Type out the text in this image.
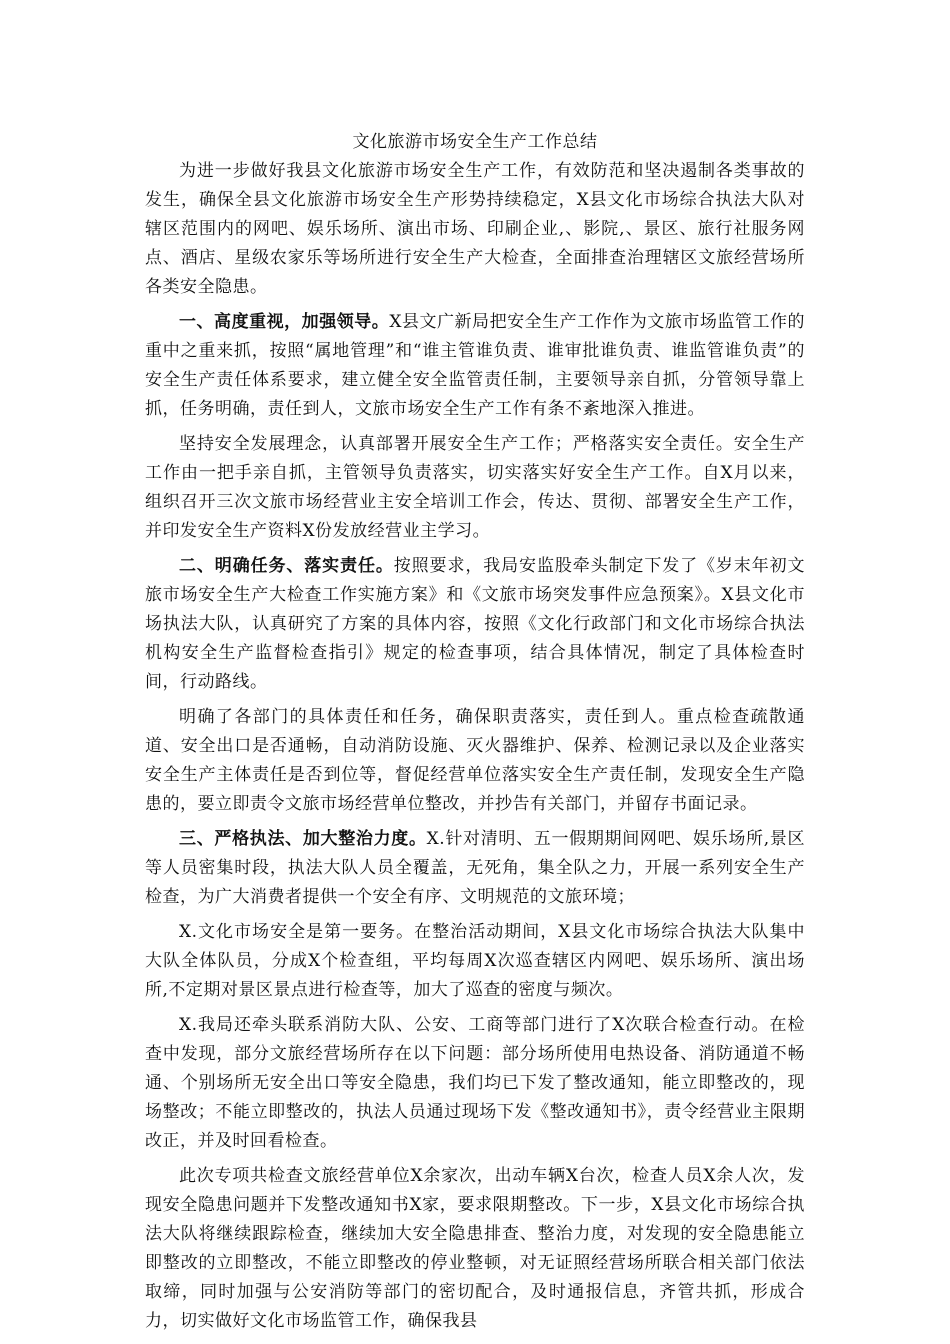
文化旅游市场安全生产工作总结

为进一步做好我县文化旅游市场安全生产工作，有效防范和坚决遏制各类事故的发生，确保全县文化旅游市场安全生产形势持续稳定，X县文化市场综合执法大队对辖区范围内的网吧、娱乐场所、演出市场、印刷企业,、影院,、景区、旅行社服务网点、酒店、星级农家乐等场所进行安全生产大检查，全面排查治理辖区文旅经营场所各类安全隐患。

一、高度重视，加强领导。X县文广新局把安全生产工作作为文旅市场监管工作的重中之重来抓，按照“属地管理”和“谁主管谁负责、谁审批谁负责、谁监管谁负责”的安全生产责任体系要求，建立健全安全监管责任制，主要领导亲自抓，分管领导靠上抓，任务明确，责任到人，文旅市场安全生产工作有条不紊地深入推进。

坚持安全发展理念，认真部署开展安全生产工作；严格落实安全责任。安全生产工作由一把手亲自抓，主管领导负责落实，切实落实好安全生产工作。自X月以来，组织召开三次文旅市场经营业主安全培训工作会，传达、贯彻、部署安全生产工作，并印发安全生产资料X份发放经营业主学习。

二、明确任务、落实责任。按照要求，我局安监股牵头制定下发了《岁末年初文旅市场安全生产大检查工作实施方案》和《文旅市场突发事件应急预案》。X县文化市场执法大队，认真研究了方案的具体内容，按照《文化行政部门和文化市场综合执法机构安全生产监督检查指引》规定的检查事项，结合具体情况，制定了具体检查时间，行动路线。

明确了各部门的具体责任和任务，确保职责落实，责任到人。重点检查疏散通道、安全出口是否通畅，自动消防设施、灭火器维护、保养、检测记录以及企业落实安全生产主体责任是否到位等，督促经营单位落实安全生产责任制，发现安全生产隐患的，要立即责令文旅市场经营单位整改，并抄告有关部门，并留存书面记录。

三、严格执法、加大整治力度。X.针对清明、五一假期期间网吧、娱乐场所,景区等人员密集时段，执法大队人员全覆盖，无死角，集全队之力，开展一系列安全生产检查，为广大消费者提供一个安全有序、文明规范的文旅环境；

X.文化市场安全是第一要务。在整治活动期间，X县文化市场综合执法大队集中大队全体队员，分成X个检查组，平均每周X次巡查辖区内网吧、娱乐场所、演出场所,不定期对景区景点进行检查等，加大了巡查的密度与频次。

X.我局还牵头联系消防大队、公安、工商等部门进行了X次联合检查行动。在检查中发现，部分文旅经营场所存在以下问题：部分场所使用电热设备、消防通道不畅通、个别场所无安全出口等安全隐患，我们均已下发了整改通知，能立即整改的，现场整改；不能立即整改的，执法人员通过现场下发《整改通知书》，责令经营业主限期改正，并及时回看检查。

此次专项共检查文旅经营单位X余家次，出动车辆X台次，检查人员X余人次，发现安全隐患问题并下发整改通知书X家，要求限期整改。下一步，X县文化市场综合执法大队将继续跟踪检查，继续加大安全隐患排查、整治力度，对发现的安全隐患能立即整改的立即整改，不能立即整改的停业整顿，对无证照经营场所联合相关部门依法取缔，同时加强与公安消防等部门的密切配合，及时通报信息，齐管共抓，形成合力，切实做好文化市场监管工作，确保我县
